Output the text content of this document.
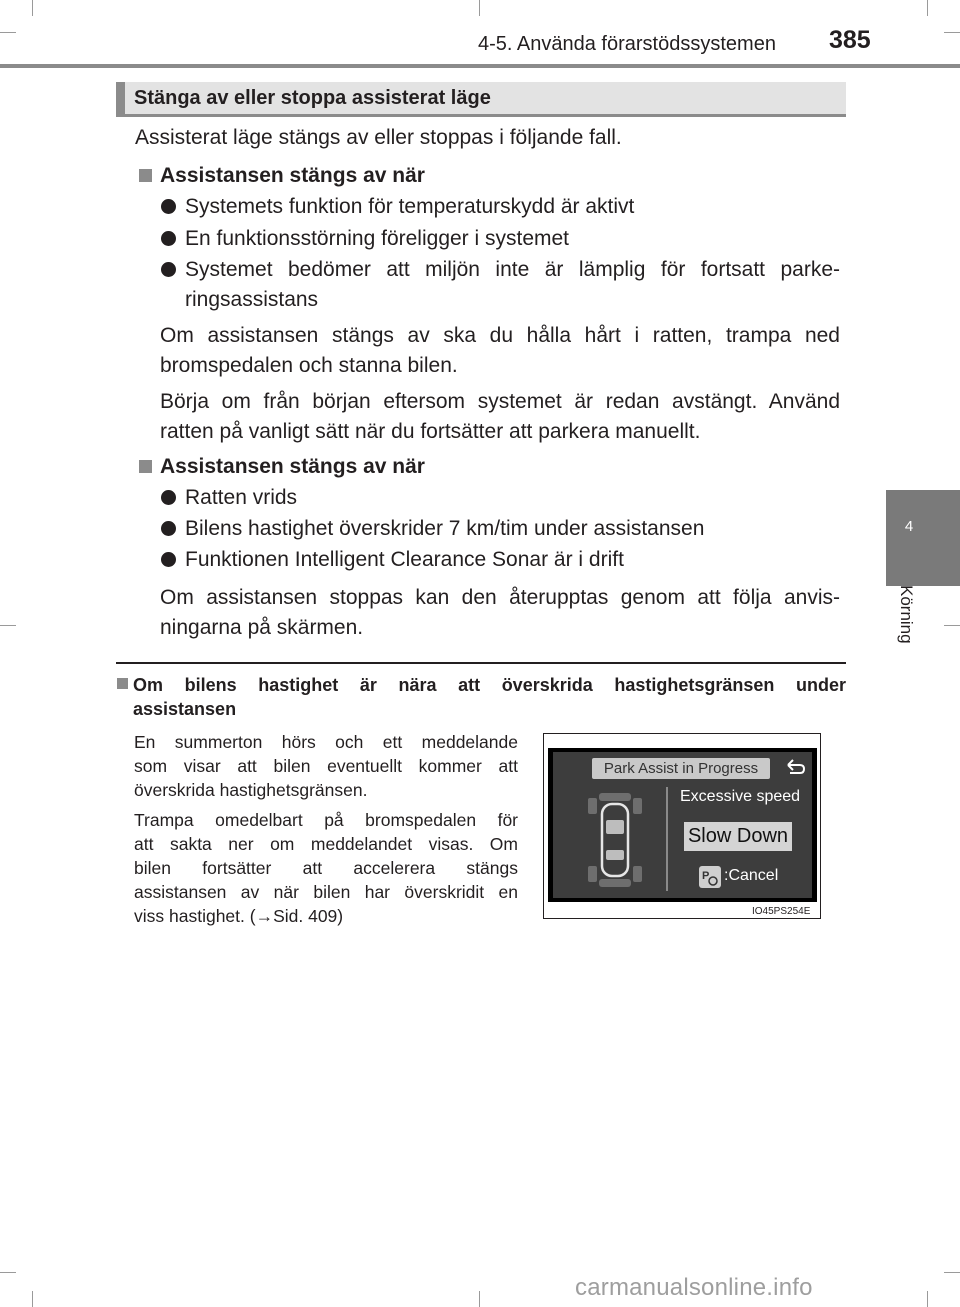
4-5. Använda förarstödssystemen 385
4
Körning
Stänga av eller stoppa assisterat läge
Assisterat läge stängs av eller stoppas i följande fall.
Assistansen stängs av när
Systemets funktion för temperaturskydd är aktivt
En funktionsstörning föreligger i systemet
Systemet bedömer att miljön inte är lämplig för fortsatt parke-
ringsassistans
Om assistansen stängs av ska du hålla hårt i ratten, trampa ned
bromspedalen och stanna bilen.
Börja om från början eftersom systemet är redan avstängt. Använd
ratten på vanligt sätt när du fortsätter att parkera manuellt.
Assistansen stängs av när
Ratten vrids
Bilens hastighet överskrider 7 km/tim under assistansen
Funktionen Intelligent Clearance Sonar är i drift
Om assistansen stoppas kan den återupptas genom att följa anvis-
ningarna på skärmen.
Om bilens hastighet är nära att överskrida hastighetsgränsen under
assistansen
En summerton hörs och ett meddelande
som visar att bilen eventuellt kommer att
överskrida hastighetsgränsen.
Trampa omedelbart på bromspedalen för
att sakta ner om meddelandet visas. Om
bilen fortsätter att accelerera stängs
assistansen av när bilen har överskridit en
viss hastighet. (→Sid. 409)
Park Assist in Progress
Excessive speed
Slow Down
P :Cancel
IO45PS254E
carmanualsonline.info
